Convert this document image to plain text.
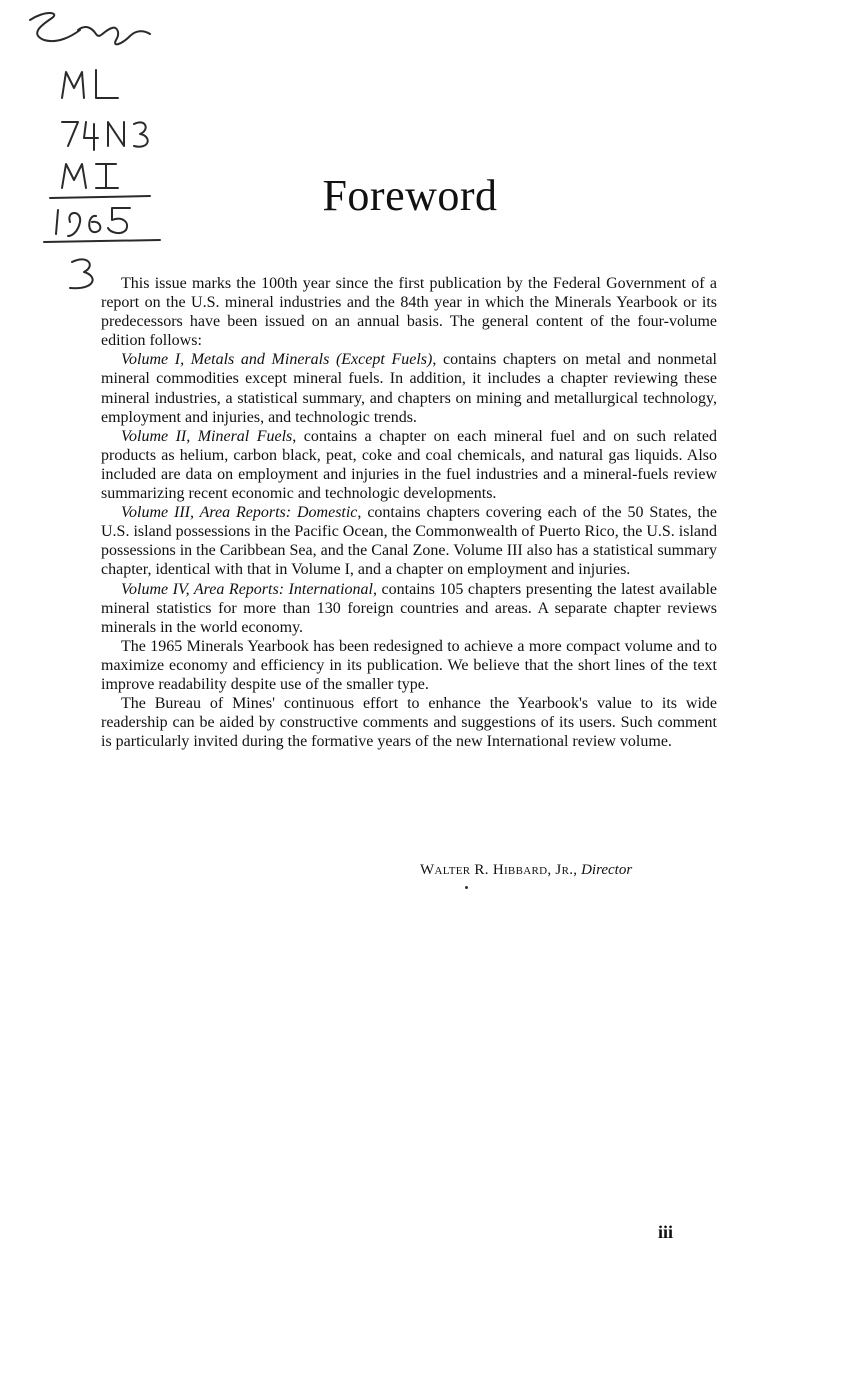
Foreword

This issue marks the 100th year since the first publication by the Federal Government of a report on the U.S. mineral industries and the 84th year in which the Minerals Yearbook or its predecessors have been issued on an annual basis. The general content of the four-volume edition follows:

Volume I, Metals and Minerals (Except Fuels), contains chapters on metal and nonmetal mineral commodities except mineral fuels. In addition, it includes a chapter reviewing these mineral industries, a statistical summary, and chapters on mining and metallurgical technology, employment and injuries, and technologic trends.

Volume II, Mineral Fuels, contains a chapter on each mineral fuel and on such related products as helium, carbon black, peat, coke and coal chemicals, and natural gas liquids. Also included are data on employment and injuries in the fuel industries and a mineral-fuels review summarizing recent economic and technologic developments.

Volume III, Area Reports: Domestic, contains chapters covering each of the 50 States, the U.S. island possessions in the Pacific Ocean, the Commonwealth of Puerto Rico, the U.S. island possessions in the Caribbean Sea, and the Canal Zone. Volume III also has a statistical summary chapter, identical with that in Volume I, and a chapter on employment and injuries.

Volume IV, Area Reports: International, contains 105 chapters presenting the latest available mineral statistics for more than 130 foreign countries and areas. A separate chapter reviews minerals in the world economy.

The 1965 Minerals Yearbook has been redesigned to achieve a more compact volume and to maximize economy and efficiency in its publication. We believe that the short lines of the text improve readability despite use of the smaller type.

The Bureau of Mines' continuous effort to enhance the Yearbook's value to its wide readership can be aided by constructive comments and suggestions of its users. Such comment is particularly invited during the formative years of the new International review volume.

Walter R. Hibbard, Jr., Director
iii
